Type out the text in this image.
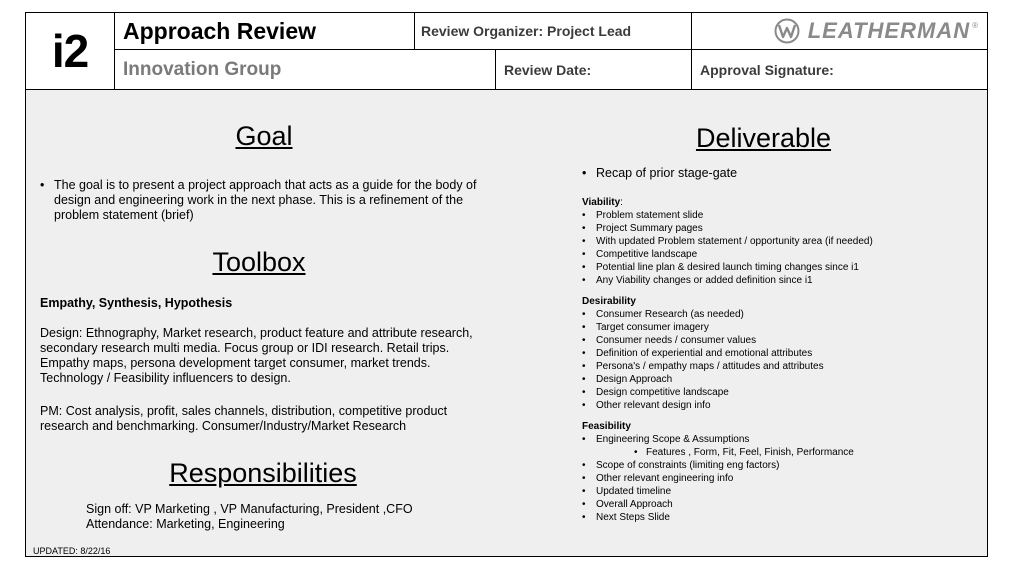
i2	Approach Review	Review Organizer: Project Lead	LEATHERMAN ®
Innovation Group	Review Date:	Approval Signature:
Goal
• The goal is to present a project approach that acts as a guide for the body of design and engineering work in the next phase. This is a refinement of the problem statement (brief)
Toolbox
Empathy, Synthesis, Hypothesis
Design: Ethnography, Market research, product feature and attribute research, secondary research multi media. Focus group or IDI research. Retail trips. Empathy maps, persona development target consumer, market trends. Technology / Feasibility influencers to design.
PM: Cost analysis, profit, sales channels, distribution, competitive product research and benchmarking. Consumer/Industry/Market Research
Responsibilities
Sign off: VP Marketing , VP Manufacturing, President ,CFO
Attendance: Marketing, Engineering
Deliverable
• Recap of prior stage-gate
Viability:
• Problem statement slide
• Project Summary pages
• With updated Problem statement / opportunity area (if needed)
• Competitive landscape
• Potential line plan & desired launch timing changes since i1
• Any Viability changes or added definition since i1
Desirability
• Consumer Research (as needed)
• Target consumer imagery
• Consumer needs / consumer values
• Definition of experiential and emotional attributes
• Persona's / empathy maps / attitudes and attributes
• Design Approach
• Design competitive landscape
• Other relevant design info
Feasibility
• Engineering Scope & Assumptions
• Features , Form, Fit, Feel, Finish, Performance
• Scope of constraints (limiting eng factors)
• Other relevant engineering info
• Updated timeline
• Overall Approach
• Next Steps Slide
UPDATED: 8/22/16
